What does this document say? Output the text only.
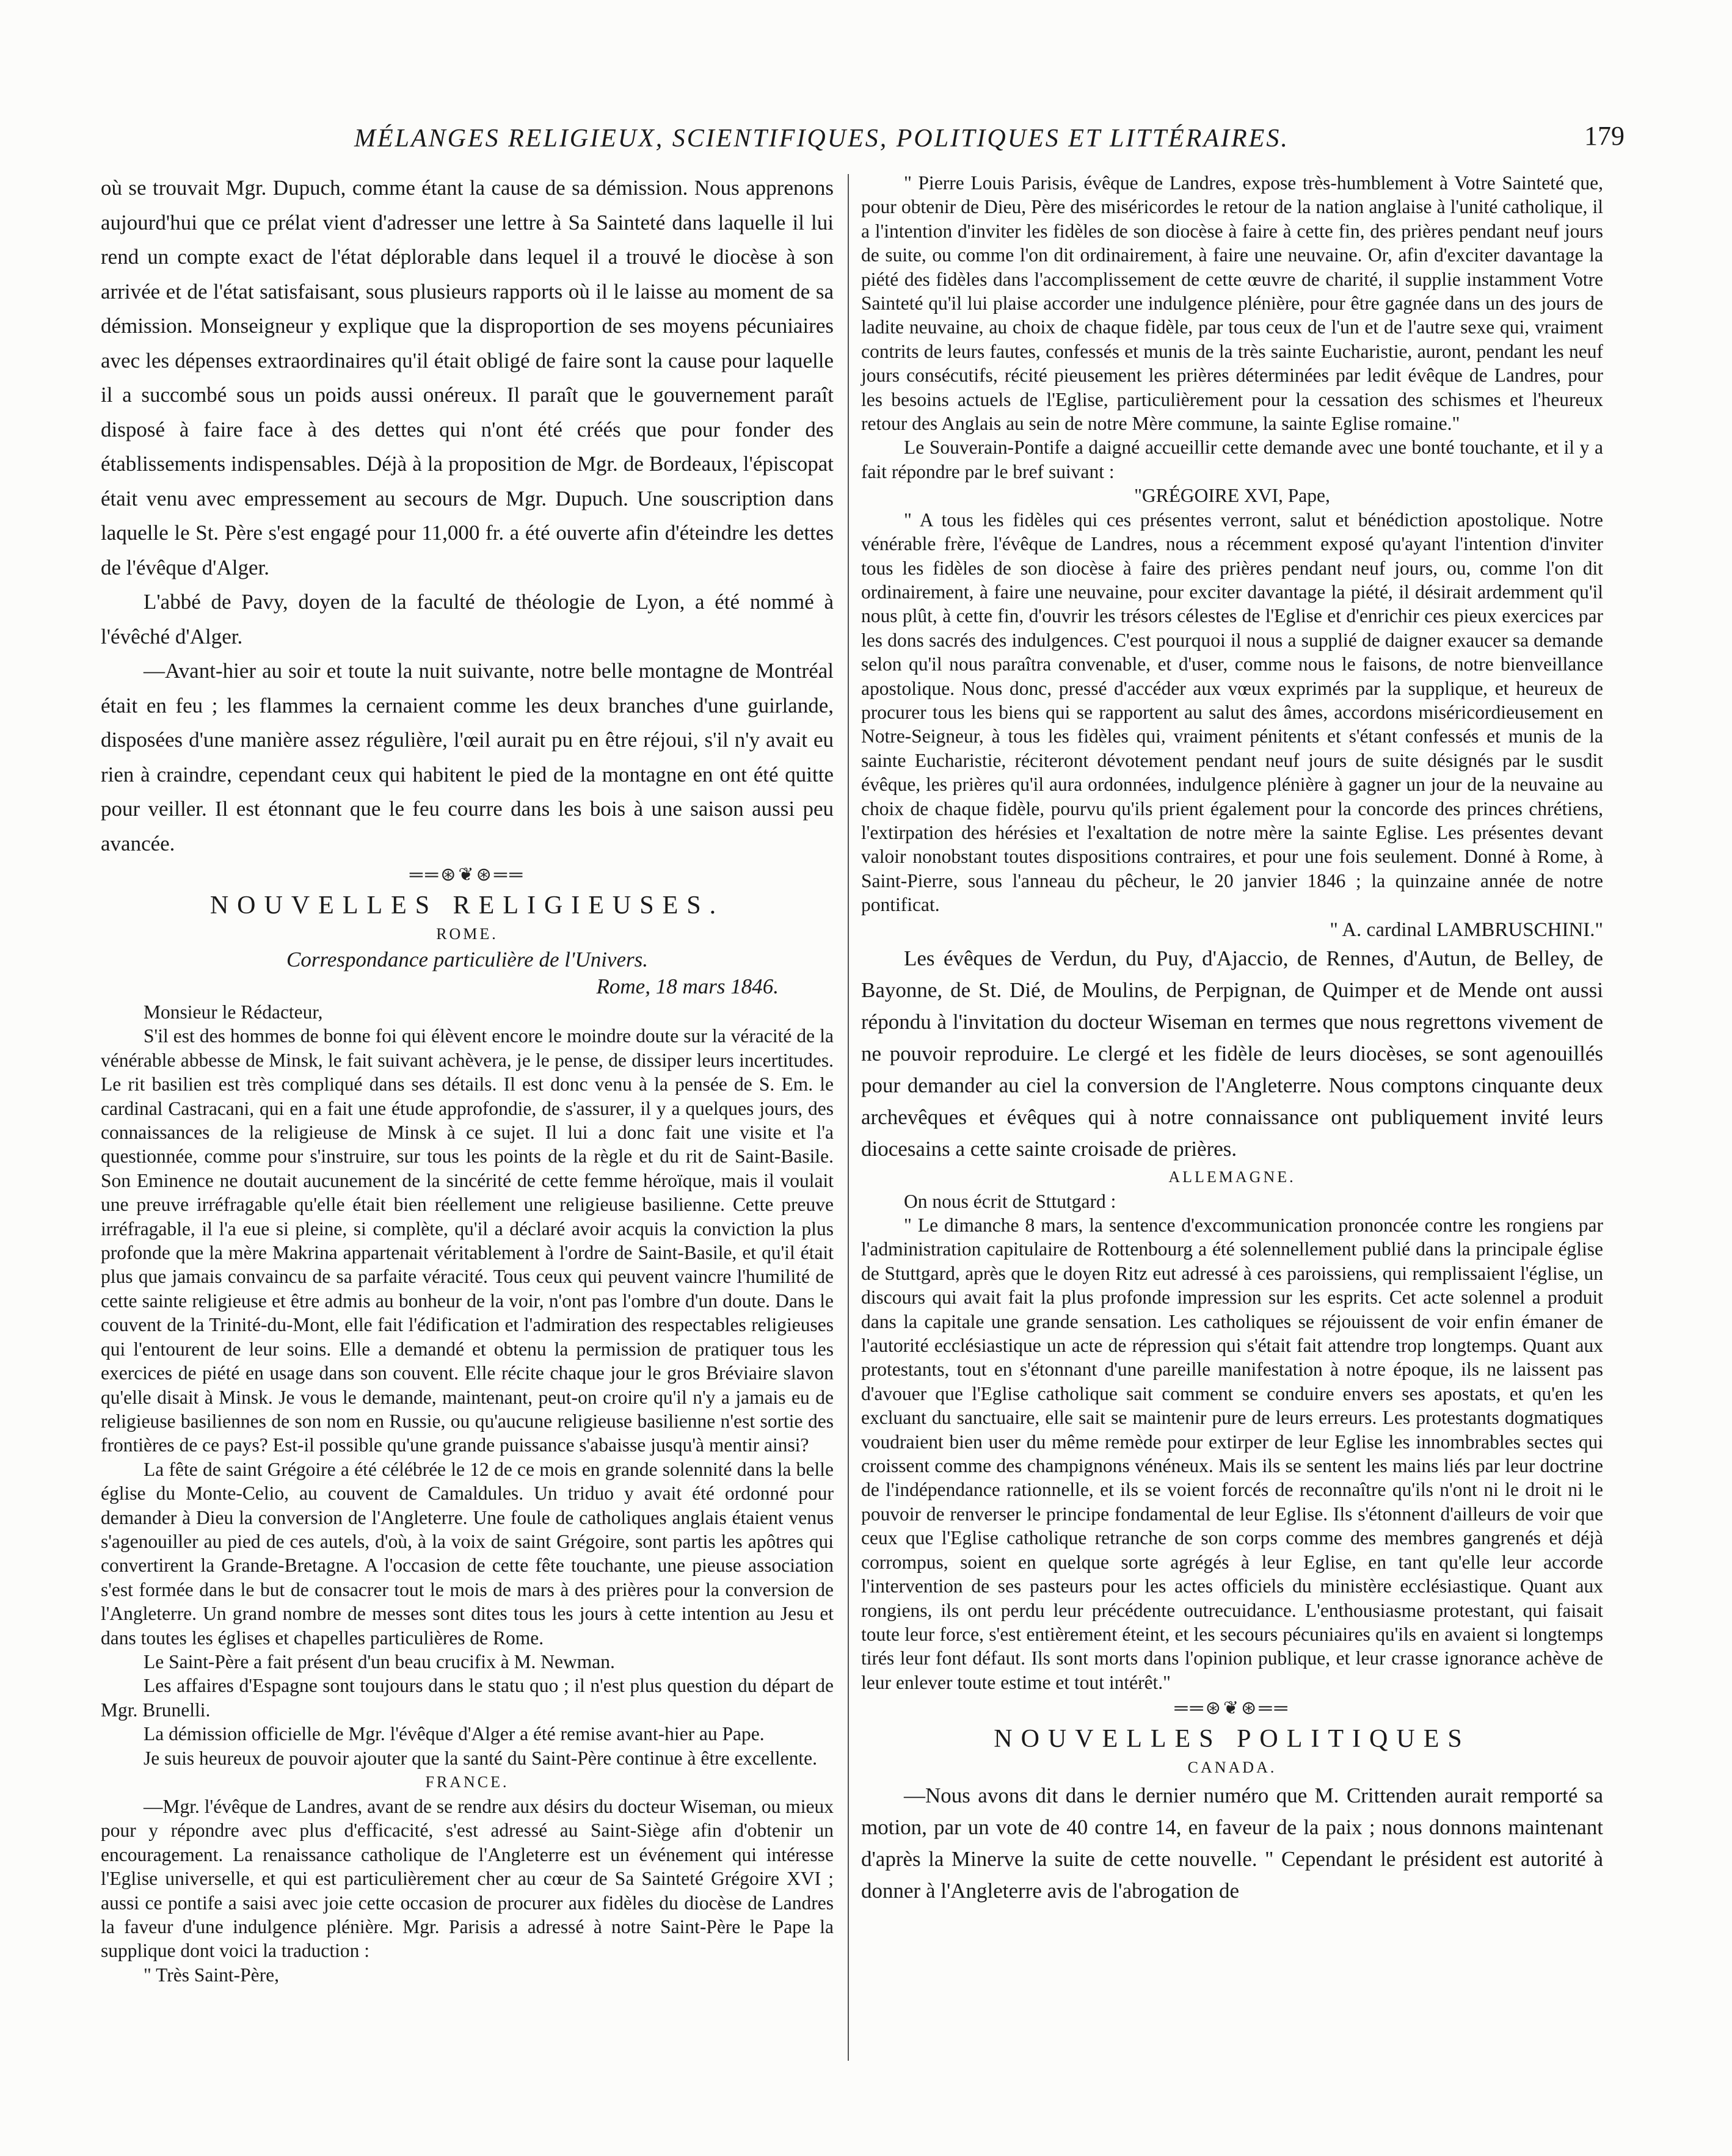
MÉLANGES RELIGIEUX, SCIENTIFIQUES, POLITIQUES ET LITTÉRAIRES.	179

où se trouvait Mgr. Dupuch, comme étant la cause de sa démission. Nous apprenons aujourd'hui que ce prélat vient d'adresser une lettre à Sa Sainteté dans laquelle il lui rend un compte exact de l'état déplorable dans lequel il a trouvé le diocèse à son arrivée et de l'état satisfaisant, sous plusieurs rapports où il le laisse au moment de sa démission. Monseigneur y explique que la disproportion de ses moyens pécuniaires avec les dépenses extraordinaires qu'il était obligé de faire sont la cause pour laquelle il a succombé sous un poids aussi onéreux. Il paraît que le gouvernement paraît disposé à faire face à des dettes qui n'ont été créés que pour fonder des établissements indispensables. Déjà à la proposition de Mgr. de Bordeaux, l'épiscopat était venu avec empressement au secours de Mgr. Dupuch. Une souscription dans laquelle le St. Père s'est engagé pour 11,000 fr. a été ouverte afin d'éteindre les dettes de l'évêque d'Alger.

L'abbé de Pavy, doyen de la faculté de théologie de Lyon, a été nommé à l'évêché d'Alger.

—Avant-hier au soir et toute la nuit suivante, notre belle montagne de Montréal était en feu ; les flammes la cernaient comme les deux branches d'une guirlande, disposées d'une manière assez régulière, l'œil aurait pu en être réjoui, s'il n'y avait eu rien à craindre, cependant ceux qui habitent le pied de la montagne en ont été quitte pour veiller. Il est étonnant que le feu courre dans les bois à une saison aussi peu avancée.

══⊛❦⊛══

NOUVELLES RELIGIEUSES.

ROME.

Correspondance particulière de l'Univers.

Rome, 18 mars 1846.

Monsieur le Rédacteur,

S'il est des hommes de bonne foi qui élèvent encore le moindre doute sur la véracité de la vénérable abbesse de Minsk, le fait suivant achèvera, je le pense, de dissiper leurs incertitudes. Le rit basilien est très compliqué dans ses détails. Il est donc venu à la pensée de S. Em. le cardinal Castracani, qui en a fait une étude approfondie, de s'assurer, il y a quelques jours, des connaissances de la religieuse de Minsk à ce sujet. Il lui a donc fait une visite et l'a questionnée, comme pour s'instruire, sur tous les points de la règle et du rit de Saint-Basile. Son Eminence ne doutait aucunement de la sincérité de cette femme héroïque, mais il voulait une preuve irréfragable qu'elle était bien réellement une religieuse basilienne. Cette preuve irréfragable, il l'a eue si pleine, si complète, qu'il a déclaré avoir acquis la conviction la plus profonde que la mère Makrina appartenait véritablement à l'ordre de Saint-Basile, et qu'il était plus que jamais convaincu de sa parfaite véracité. Tous ceux qui peuvent vaincre l'humilité de cette sainte religieuse et être admis au bonheur de la voir, n'ont pas l'ombre d'un doute. Dans le couvent de la Trinité-du-Mont, elle fait l'édification et l'admiration des respectables religieuses qui l'entourent de leur soins. Elle a demandé et obtenu la permission de pratiquer tous les exercices de piété en usage dans son couvent. Elle récite chaque jour le gros Bréviaire slavon qu'elle disait à Minsk. Je vous le demande, maintenant, peut-on croire qu'il n'y a jamais eu de religieuse basiliennes de son nom en Russie, ou qu'aucune religieuse basilienne n'est sortie des frontières de ce pays? Est-il possible qu'une grande puissance s'abaisse jusqu'à mentir ainsi?

La fête de saint Grégoire a été célébrée le 12 de ce mois en grande solennité dans la belle église du Monte-Celio, au couvent de Camaldules. Un triduo y avait été ordonné pour demander à Dieu la conversion de l'Angleterre. Une foule de catholiques anglais étaient venus s'agenouiller au pied de ces autels, d'où, à la voix de saint Grégoire, sont partis les apôtres qui convertirent la Grande-Bretagne. A l'occasion de cette fête touchante, une pieuse association s'est formée dans le but de consacrer tout le mois de mars à des prières pour la conversion de l'Angleterre. Un grand nombre de messes sont dites tous les jours à cette intention au Jesu et dans toutes les églises et chapelles particulières de Rome.

Le Saint-Père a fait présent d'un beau crucifix à M. Newman.

Les affaires d'Espagne sont toujours dans le statu quo ; il n'est plus question du départ de Mgr. Brunelli.

La démission officielle de Mgr. l'évêque d'Alger a été remise avant-hier au Pape.

Je suis heureux de pouvoir ajouter que la santé du Saint-Père continue à être excellente.

FRANCE.

—Mgr. l'évêque de Landres, avant de se rendre aux désirs du docteur Wiseman, ou mieux pour y répondre avec plus d'efficacité, s'est adressé au Saint-Siège afin d'obtenir un encouragement. La renaissance catholique de l'Angleterre est un événement qui intéresse l'Eglise universelle, et qui est particulièrement cher au cœur de Sa Sainteté Grégoire XVI ; aussi ce pontife a saisi avec joie cette occasion de procurer aux fidèles du diocèse de Landres la faveur d'une indulgence plénière. Mgr. Parisis a adressé à notre Saint-Père le Pape la supplique dont voici la traduction :

" Très Saint-Père,

" Pierre Louis Parisis, évêque de Landres, expose très-humblement à Votre Sainteté que, pour obtenir de Dieu, Père des miséricordes le retour de la nation anglaise à l'unité catholique, il a l'intention d'inviter les fidèles de son diocèse à faire à cette fin, des prières pendant neuf jours de suite, ou comme l'on dit ordinairement, à faire une neuvaine. Or, afin d'exciter davantage la piété des fidèles dans l'accomplissement de cette œuvre de charité, il supplie instamment Votre Sainteté qu'il lui plaise accorder une indulgence plénière, pour être gagnée dans un des jours de ladite neuvaine, au choix de chaque fidèle, par tous ceux de l'un et de l'autre sexe qui, vraiment contrits de leurs fautes, confessés et munis de la très sainte Eucharistie, auront, pendant les neuf jours consécutifs, récité pieusement les prières déterminées par ledit évêque de Landres, pour les besoins actuels de l'Eglise, particulièrement pour la cessation des schismes et l'heureux retour des Anglais au sein de notre Mère commune, la sainte Eglise romaine."

Le Souverain-Pontife a daigné accueillir cette demande avec une bonté touchante, et il y a fait répondre par le bref suivant :

"GRÉGOIRE XVI, Pape,

" A tous les fidèles qui ces présentes verront, salut et bénédiction apostolique. Notre vénérable frère, l'évêque de Landres, nous a récemment exposé qu'ayant l'intention d'inviter tous les fidèles de son diocèse à faire des prières pendant neuf jours, ou, comme l'on dit ordinairement, à faire une neuvaine, pour exciter davantage la piété, il désirait ardemment qu'il nous plût, à cette fin, d'ouvrir les trésors célestes de l'Eglise et d'enrichir ces pieux exercices par les dons sacrés des indulgences. C'est pourquoi il nous a supplié de daigner exaucer sa demande selon qu'il nous paraîtra convenable, et d'user, comme nous le faisons, de notre bienveillance apostolique. Nous donc, pressé d'accéder aux vœux exprimés par la supplique, et heureux de procurer tous les biens qui se rapportent au salut des âmes, accordons miséricordieusement en Notre-Seigneur, à tous les fidèles qui, vraiment pénitents et s'étant confessés et munis de la sainte Eucharistie, réciteront dévotement pendant neuf jours de suite désignés par le susdit évêque, les prières qu'il aura ordonnées, indulgence plénière à gagner un jour de la neuvaine au choix de chaque fidèle, pourvu qu'ils prient également pour la concorde des princes chrétiens, l'extirpation des hérésies et l'exaltation de notre mère la sainte Eglise. Les présentes devant valoir nonobstant toutes dispositions contraires, et pour une fois seulement. Donné à Rome, à Saint-Pierre, sous l'anneau du pêcheur, le 20 janvier 1846 ; la quinzaine année de notre pontificat.

" A. cardinal LAMBRUSCHINI."

Les évêques de Verdun, du Puy, d'Ajaccio, de Rennes, d'Autun, de Belley, de Bayonne, de St. Dié, de Moulins, de Perpignan, de Quimper et de Mende ont aussi répondu à l'invitation du docteur Wiseman en termes que nous regrettons vivement de ne pouvoir reproduire. Le clergé et les fidèle de leurs diocèses, se sont agenouillés pour demander au ciel la conversion de l'Angleterre. Nous comptons cinquante deux archevêques et évêques qui à notre connaissance ont publiquement invité leurs diocesains a cette sainte croisade de prières.

ALLEMAGNE.

On nous écrit de Sttutgard :

" Le dimanche 8 mars, la sentence d'excommunication prononcée contre les rongiens par l'administration capitulaire de Rottenbourg a été solennellement publié dans la principale église de Stuttgard, après que le doyen Ritz eut adressé à ces paroissiens, qui remplissaient l'église, un discours qui avait fait la plus profonde impression sur les esprits. Cet acte solennel a produit dans la capitale une grande sensation. Les catholiques se réjouissent de voir enfin émaner de l'autorité ecclésiastique un acte de répression qui s'était fait attendre trop longtemps. Quant aux protestants, tout en s'étonnant d'une pareille manifestation à notre époque, ils ne laissent pas d'avouer que l'Eglise catholique sait comment se conduire envers ses apostats, et qu'en les excluant du sanctuaire, elle sait se maintenir pure de leurs erreurs. Les protestants dogmatiques voudraient bien user du même remède pour extirper de leur Eglise les innombrables sectes qui croissent comme des champignons vénéneux. Mais ils se sentent les mains liés par leur doctrine de l'indépendance rationnelle, et ils se voient forcés de reconnaître qu'ils n'ont ni le droit ni le pouvoir de renverser le principe fondamental de leur Eglise. Ils s'étonnent d'ailleurs de voir que ceux que l'Eglise catholique retranche de son corps comme des membres gangrenés et déjà corrompus, soient en quelque sorte agrégés à leur Eglise, en tant qu'elle leur accorde l'intervention de ses pasteurs pour les actes officiels du ministère ecclésiastique. Quant aux rongiens, ils ont perdu leur précédente outrecuidance. L'enthousiasme protestant, qui faisait toute leur force, s'est entièrement éteint, et les secours pécuniaires qu'ils en avaient si longtemps tirés leur font défaut. Ils sont morts dans l'opinion publique, et leur crasse ignorance achève de leur enlever toute estime et tout intérêt."

══⊛❦⊛══

NOUVELLES POLITIQUES

CANADA.

—Nous avons dit dans le dernier numéro que M. Crittenden aurait remporté sa motion, par un vote de 40 contre 14, en faveur de la paix ; nous donnons maintenant d'après la Minerve la suite de cette nouvelle. " Cependant le président est autorité à donner à l'Angleterre avis de l'abrogation de
